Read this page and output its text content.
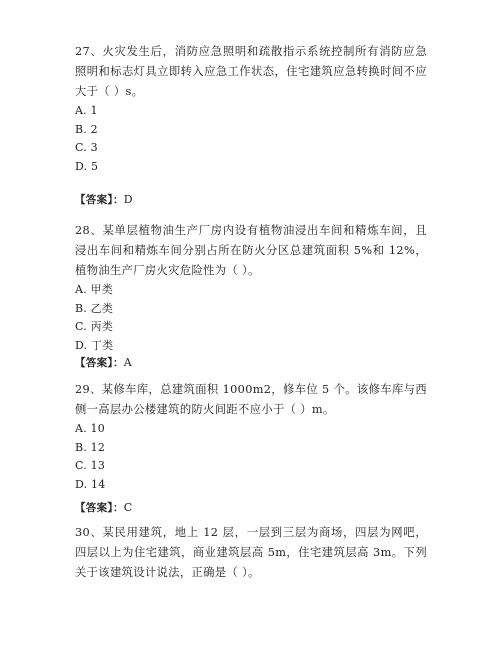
27、火灾发生后，消防应急照明和疏散指示系统控制所有消防应急照明和标志灯具立即转入应急工作状态，住宅建筑应急转换时间不应大于（ ）s。

A. 1

B. 2

C. 3

D. 5

【答案】：D

28、某单层植物油生产厂房内设有植物油浸出车间和精炼车间，且浸出车间和精炼车间分别占所在防火分区总建筑面积 5%和 12%，植物油生产厂房火灾危险性为（ ）。

A. 甲类

B. 乙类

C. 丙类

D. 丁类

【答案】：A

29、某修车库，总建筑面积 1000m2，修车位 5 个。该修车库与西侧一高层办公楼建筑的防火间距不应小于（ ）m。

A. 10

B. 12

C. 13

D. 14

【答案】：C

30、某民用建筑，地上 12 层，一层到三层为商场，四层为网吧，四层以上为住宅建筑，商业建筑层高 5m，住宅建筑层高 3m。下列关于该建筑设计说法，正确是（ ）。
